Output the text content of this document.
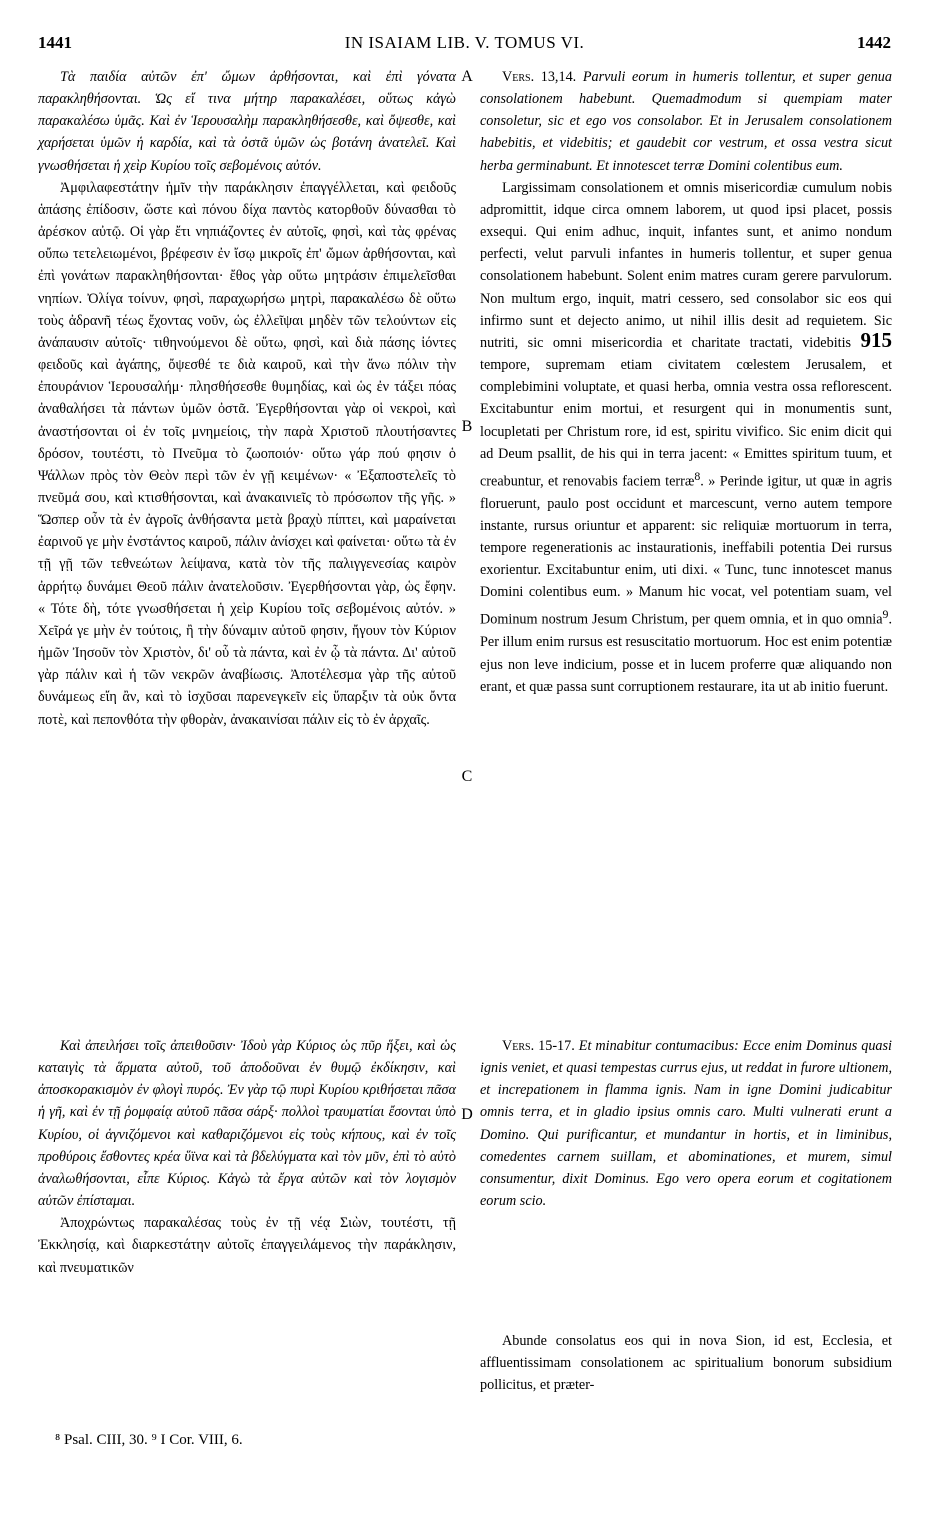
1441	IN ISAIAM LIB. V. TOMUS VI.	1442

Τὰ παιδία αὐτῶν ἐπ' ὤμων ἀρθήσονται, καὶ ἐπὶ γόνατα παρακληθήσονται. Ὡς εἴ τινα μήτηρ παρακαλέσει, οὕτως κἀγὼ παρακαλέσω ὑμᾶς. Καὶ ἐν Ἱερουσαλὴμ παρακληθήσεσθε, καὶ ὄψεσθε, καὶ χαρήσεται ὑμῶν ἡ καρδία, καὶ τὰ ὀστᾶ ὑμῶν ὡς βοτάνη ἀνατελεῖ. Καὶ γνωσθήσεται ἡ χεὶρ Κυρίου τοῖς σεβομένοις αὐτόν.

Ἀμφιλαφεστάτην ἡμῖν τὴν παράκλησιν ἐπαγγέλλεται, καὶ φειδοῦς ἁπάσης ἐπίδοσιν, ὥστε καὶ πόνου δίχα παντὸς κατορθοῦν δύνασθαι τὸ ἀρέσκον αὐτῷ. Οἱ γὰρ ἔτι νηπιάζοντες ἐν αὐτοῖς, φησὶ, καὶ τὰς φρένας οὔπω τετελειωμένοι, βρέφεσιν ἐν ἴσῳ μικροῖς ἐπ' ὤμων ἀρθήσονται, καὶ ἐπὶ γονάτων παρακληθήσονται· ἔθος γὰρ οὕτω μητράσιν ἐπιμελεῖσθαι νηπίων. Ὀλίγα τοίνυν, φησὶ, παραχωρήσω μητρὶ, παρακαλέσω δὲ οὕτω τοὺς ἀδρανῆ τέως ἔχοντας νοῦν, ὡς ἐλλεῖψαι μηδὲν τῶν τελούντων εἰς ἀνάπαυσιν αὐτοῖς· τιθηνούμενοι δὲ οὕτω, φησὶ, καὶ διὰ πάσης ἰόντες φειδοῦς καὶ ἀγάπης, ὄψεσθέ τε διὰ καιροῦ, καὶ τὴν ἄνω πόλιν τὴν ἐπουράνιον Ἱερουσαλήμ· πλησθήσεσθε θυμηδίας, καὶ ὡς ἐν τάξει πόας ἀναθαλήσει τὰ πάντων ὑμῶν ὀστᾶ. Ἐγερθήσονται γὰρ οἱ νεκροὶ, καὶ ἀναστήσονται οἱ ἐν τοῖς μνημείοις, τὴν παρὰ Χριστοῦ πλουτήσαντες δρόσον, τουτέστι, τὸ Πνεῦμα τὸ ζωοποιόν· οὕτω γάρ πού φησιν ὁ Ψάλλων πρὸς τὸν Θεὸν περὶ τῶν ἐν γῇ κειμένων· « Ἐξαποστελεῖς τὸ πνεῦμά σου, καὶ κτισθήσονται, καὶ ἀνακαινιεῖς τὸ πρόσωπον τῆς γῆς. » Ὥσπερ οὖν τὰ ἐν ἀγροῖς ἀνθήσαντα μετὰ βραχὺ πίπτει, καὶ μαραίνεται ἐαρινοῦ γε μὴν ἐνστάντος καιροῦ, πάλιν ἀνίσχει καὶ φαίνεται· οὕτω τὰ ἐν τῇ γῇ τῶν τεθνεώτων λείψανα, κατὰ τὸν τῆς παλιγγενεσίας καιρὸν ἀρρήτῳ δυνάμει Θεοῦ πάλιν ἀνατελοῦσιν. Ἐγερθήσονται γὰρ, ὡς ἔφην. « Τότε δὴ, τότε γνωσθήσεται ἡ χεὶρ Κυρίου τοῖς σεβομένοις αὐτόν. » Χεῖρά γε μὴν ἐν τούτοις, ἢ τὴν δύναμιν αὐτοῦ φησιν, ἤγουν τὸν Κύριον ἡμῶν Ἰησοῦν τὸν Χριστὸν, δι' οὗ τὰ πάντα, καὶ ἐν ᾧ τὰ πάντα. Δι' αὐτοῦ γὰρ πάλιν καὶ ἡ τῶν νεκρῶν ἀναβίωσις. Ἀποτέλεσμα γὰρ τῆς αὐτοῦ δυνάμεως εἴη ἂν, καὶ τὸ ἰσχῦσαι παρενεγκεῖν εἰς ὕπαρξιν τὰ οὐκ ὄντα ποτὲ, καὶ πεπονθότα τὴν φθορὰν, ἀνακαινίσαι πάλιν εἰς τὸ ἐν ἀρχαῖς.

Καὶ ἀπειλήσει τοῖς ἀπειθοῦσιν· Ἰδοὺ γὰρ Κύριος ὡς πῦρ ἥξει, καὶ ὡς καταιγὶς τὰ ἅρματα αὐτοῦ, τοῦ ἀποδοῦναι ἐν θυμῷ ἐκδίκησιν, καὶ ἀποσκορακισμὸν ἐν φλογὶ πυρός. Ἐν γὰρ τῷ πυρὶ Κυρίου κριθήσεται πᾶσα ἡ γῆ, καὶ ἐν τῇ ῥομφαίᾳ αὐτοῦ πᾶσα σάρξ· πολλοὶ τραυματίαι ἔσονται ὑπὸ Κυρίου, οἱ ἁγνιζόμενοι καὶ καθαριζόμενοι εἰς τοὺς κήπους, καὶ ἐν τοῖς προθύροις ἔσθοντες κρέα ὕϊνα καὶ τὰ βδελύγματα καὶ τὸν μῦν, ἐπὶ τὸ αὐτὸ ἀναλωθήσονται, εἶπε Κύριος. Κἀγὼ τὰ ἔργα αὐτῶν καὶ τὸν λογισμὸν αὐτῶν ἐπίσταμαι.

Ἀποχρώντως παρακαλέσας τοὺς ἐν τῇ νέᾳ Σιὼν, τουτέστι, τῇ Ἐκκλησίᾳ, καὶ διαρκεστάτην αὐτοῖς ἐπαγγειλάμενος τὴν παράκλησιν, καὶ πνευματικῶν

A
B
C
D

Vers. 13,14. Parvuli eorum in humeris tollentur, et super genua consolationem habebunt. Quemadmodum si quempiam mater consoletur, sic et ego vos consolabor. Et in Jerusalem consolationem habebitis, et videbitis; et gaudebit cor vestrum, et ossa vestra sicut herba germinabunt. Et innotescet terræ Domini colentibus eum.

Largissimam consolationem et omnis misericordiæ cumulum nobis adpromittit, idque circa omnem laborem, ut quod ipsi placet, possis exsequi. Qui enim adhuc, inquit, infantes sunt, et animo nondum perfecti, velut parvuli infantes in humeris tollentur, et super genua consolationem habebunt. Solent enim matres curam gerere parvulorum. Non multum ergo, inquit, matri cessero, sed consolabor sic eos qui infirmo sunt et dejecto animo, ut nihil illis desit ad requietem. Sic nutriti, sic omni misericordia et charitate tractati, videbitis 915 tempore, supremam etiam civitatem cœlestem Jerusalem, et complebimini voluptate, et quasi herba, omnia vestra ossa reflorescent. Excitabuntur enim mortui, et resurgent qui in monumentis sunt, locupletati per Christum rore, id est, spiritu vivifico. Sic enim dicit qui ad Deum psallit, de his qui in terra jacent: « Emittes spiritum tuum, et creabuntur, et renovabis faciem terræ$^8$. » Perinde igitur, ut quæ in agris floruerunt, paulo post occidunt et marcescunt, verno autem tempore instante, rursus oriuntur et apparent: sic reliquiæ mortuorum in terra, tempore regenerationis ac instaurationis, ineffabili potentia Dei rursus exorientur. Excitabuntur enim, uti dixi. « Tunc, tunc innotescet manus Domini colentibus eum. » Manum hic vocat, vel potentiam suam, vel Dominum nostrum Jesum Christum, per quem omnia, et in quo omnia$^9$. Per illum enim rursus est resuscitatio mortuorum. Hoc est enim potentiæ ejus non leve indicium, posse et in lucem proferre quæ aliquando non erant, et quæ passa sunt corruptionem restaurare, ita ut ab initio fuerunt.

Vers. 15-17. Et minabitur contumacibus: Ecce enim Dominus quasi ignis veniet, et quasi tempestas currus ejus, ut reddat in furore ultionem, et increpationem in flamma ignis. Nam in igne Domini judicabitur omnis terra, et in gladio ipsius omnis caro. Multi vulnerati erunt a Domino. Qui purificantur, et mundantur in hortis, et in liminibus, comedentes carnem suillam, et abominationes, et murem, simul consumentur, dixit Dominus. Ego vero opera eorum et cogitationem eorum scio.

Abunde consolatus eos qui in nova Sion, id est, Ecclesia, et affluentissimam consolationem ac spiritualium bonorum subsidium pollicitus, et præter-

⁸ Psal. CIII, 30. ⁹ I Cor. VIII, 6.
